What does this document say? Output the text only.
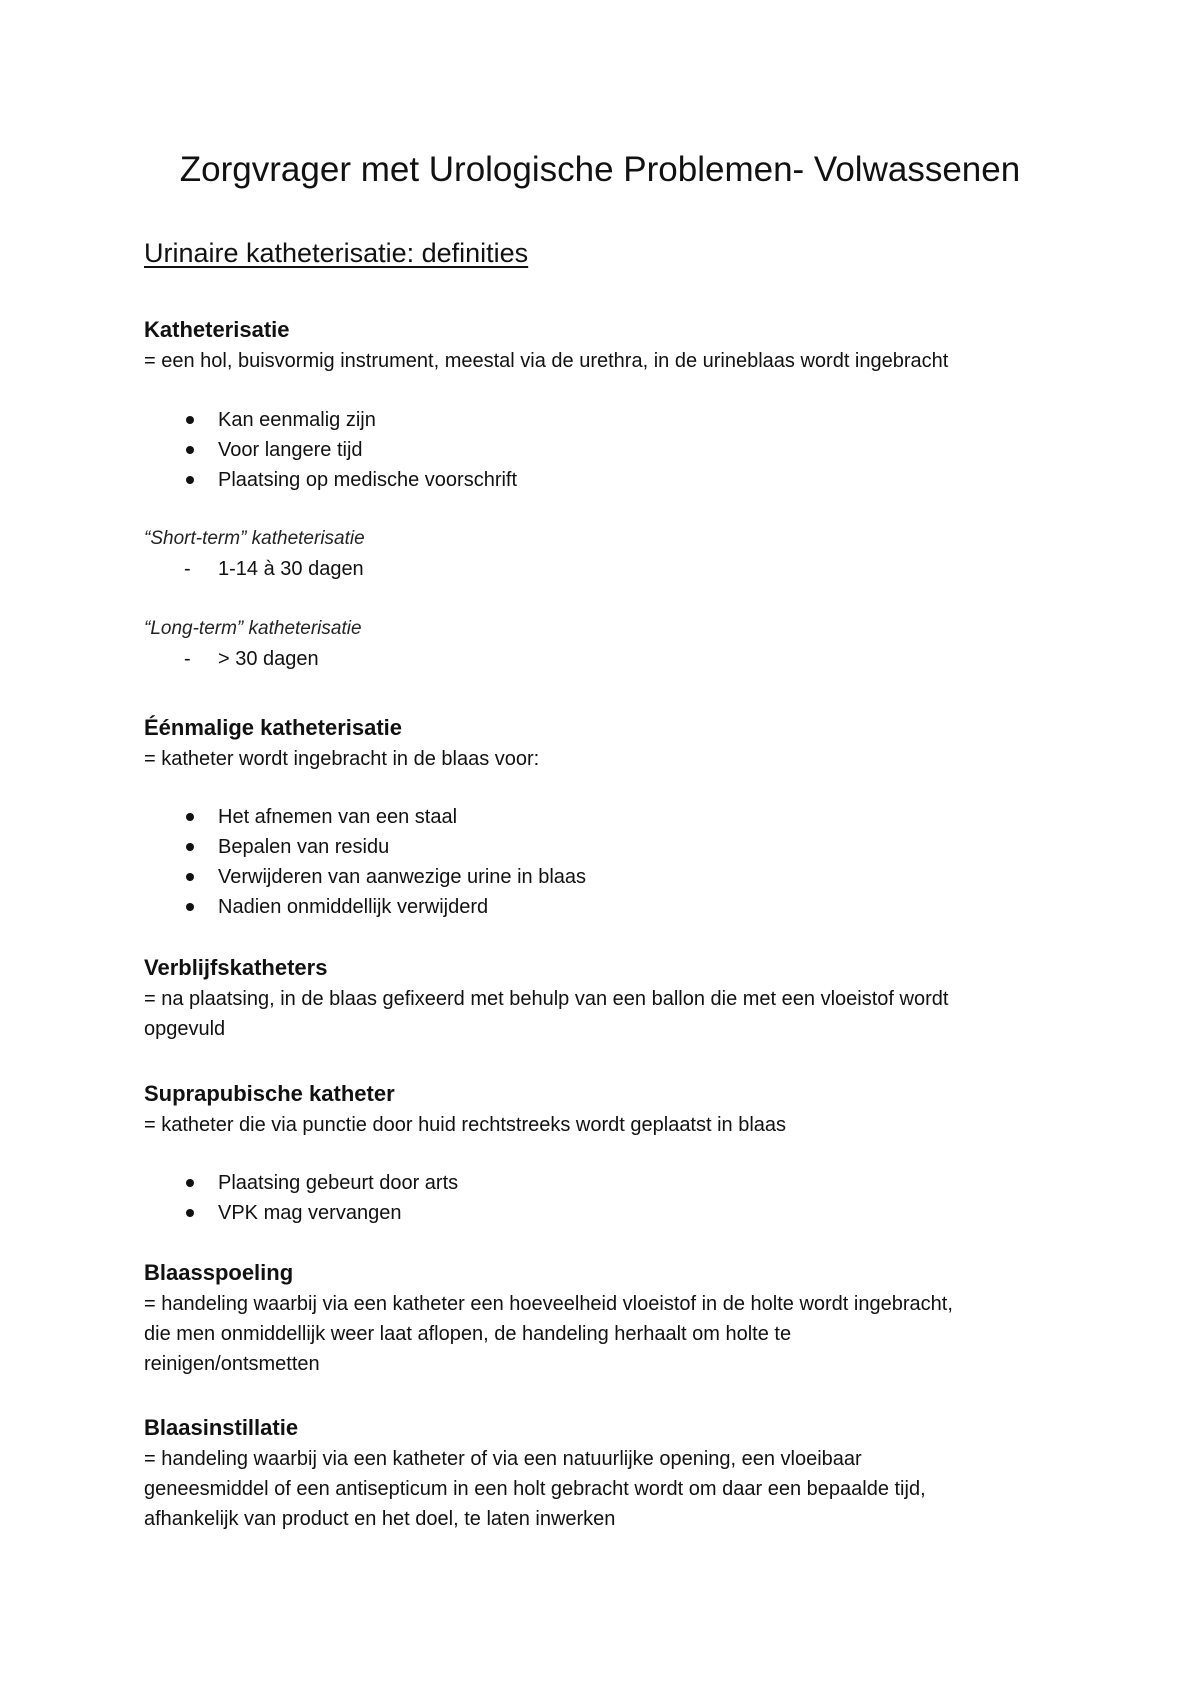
Zorgvrager met Urologische Problemen- Volwassenen
Urinaire katheterisatie: definities

Katheterisatie

= een hol, buisvormig instrument, meestal via de urethra, in de urineblaas wordt ingebracht

Kan eenmalig zijn
Voor langere tijd
Plaatsing op medische voorschrift

“Short-term” katheterisatie

- 1-14 à 30 dagen

“Long-term” katheterisatie

- > 30 dagen

Éénmalige katheterisatie

= katheter wordt ingebracht in de blaas voor:

Het afnemen van een staal
Bepalen van residu
Verwijderen van aanwezige urine in blaas
Nadien onmiddellijk verwijderd

Verblijfskatheters

= na plaatsing, in de blaas gefixeerd met behulp van een ballon die met een vloeistof wordt

opgevuld

Suprapubische katheter

= katheter die via punctie door huid rechtstreeks wordt geplaatst in blaas

Plaatsing gebeurt door arts
VPK mag vervangen

Blaasspoeling

= handeling waarbij via een katheter een hoeveelheid vloeistof in de holte wordt ingebracht,

die men onmiddellijk weer laat aflopen, de handeling herhaalt om holte te

reinigen/ontsmetten

Blaasinstillatie

= handeling waarbij via een katheter of via een natuurlijke opening, een vloeibaar

geneesmiddel of een antisepticum in een holt gebracht wordt om daar een bepaalde tijd,

afhankelijk van product en het doel, te laten inwerken
